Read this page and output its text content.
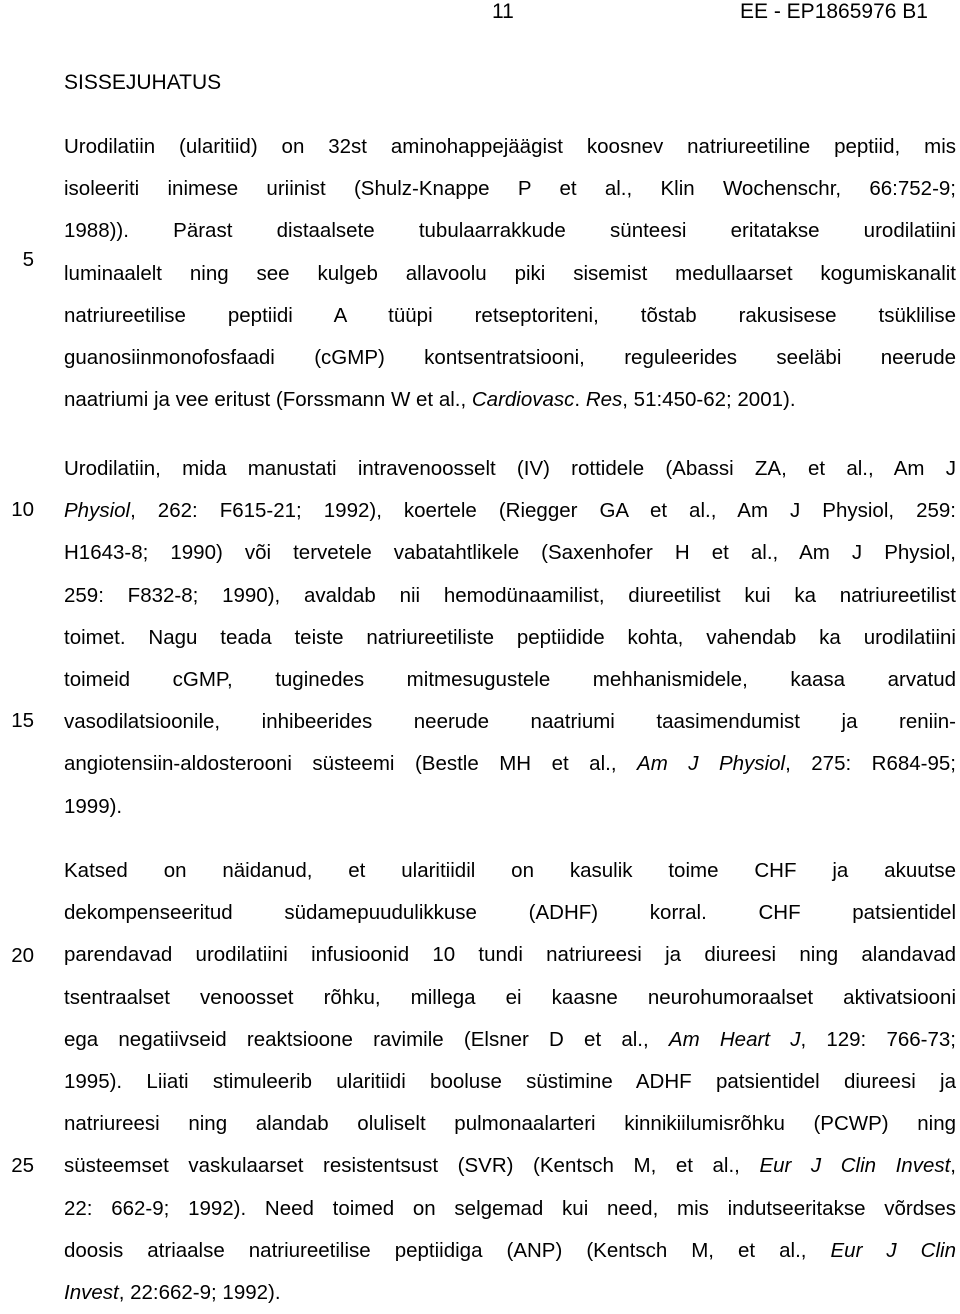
11	EE - EP1865976 B1
SISSEJUHATUS
5
10
15
20
25
Urodilatiin (ularitiid) on 32st aminohappejäägist koosnev natriureetiline peptiid, mis
isoleeriti inimese uriinist (Shulz-Knappe P et al., Klin Wochenschr, 66:752-9;
1988)). Pärast distaalsete tubulaarrakkude sünteesi eritatakse urodilatiini
luminaalelt ning see kulgeb allavoolu piki sisemist medullaarset kogumiskanalit
natriureetilise peptiidi A tüüpi retseptoriteni, tõstab rakusisese tsüklilise
guanosiinmonofosfaadi (cGMP) kontsentratsiooni, reguleerides seeläbi neerude
naatriumi ja vee eritust (Forssmann W et al., Cardiovasc. Res, 51:450-62; 2001).
Urodilatiin, mida manustati intravenoosselt (IV) rottidele (Abassi ZA, et al., Am J
Physiol, 262: F615-21; 1992), koertele (Riegger GA et al., Am J Physiol, 259:
H1643-8; 1990) või tervetele vabatahtlikele (Saxenhofer H et al., Am J Physiol,
259: F832-8; 1990), avaldab nii hemodünaamilist, diureetilist kui ka natriureetilist
toimet. Nagu teada teiste natriureetiliste peptiidide kohta, vahendab ka urodilatiini
toimeid cGMP, tuginedes mitmesugustele mehhanismidele, kaasa arvatud
vasodilatsioonile, inhibeerides neerude naatriumi taasimendumist ja reniin-
angiotensiin-aldosterooni süsteemi (Bestle MH et al., Am J Physiol, 275: R684-95;
1999).
Katsed on näidanud, et ularitiidil on kasulik toime CHF ja akuutse
dekompenseeritud südamepuudulikkuse (ADHF) korral. CHF patsientidel
parendavad urodilatiini infusioonid 10 tundi natriureesi ja diureesi ning alandavad
tsentraalset venoosset rõhku, millega ei kaasne neurohumoraalset aktivatsiooni
ega negatiivseid reaktsioone ravimile (Elsner D et al., Am Heart J, 129: 766-73;
1995). Liiati stimuleerib ularitiidi booluse süstimine ADHF patsientidel diureesi ja
natriureesi ning alandab oluliselt pulmonaalarteri kinnikiilumisrõhku (PCWP) ning
süsteemset vaskulaarset resistentsust (SVR) (Kentsch M, et al., Eur J Clin Invest,
22: 662-9; 1992). Need toimed on selgemad kui need, mis indutseeritakse võrdses
doosis atriaalse natriureetilise peptiidiga (ANP) (Kentsch M, et al., Eur J Clin
Invest, 22:662-9; 1992).
